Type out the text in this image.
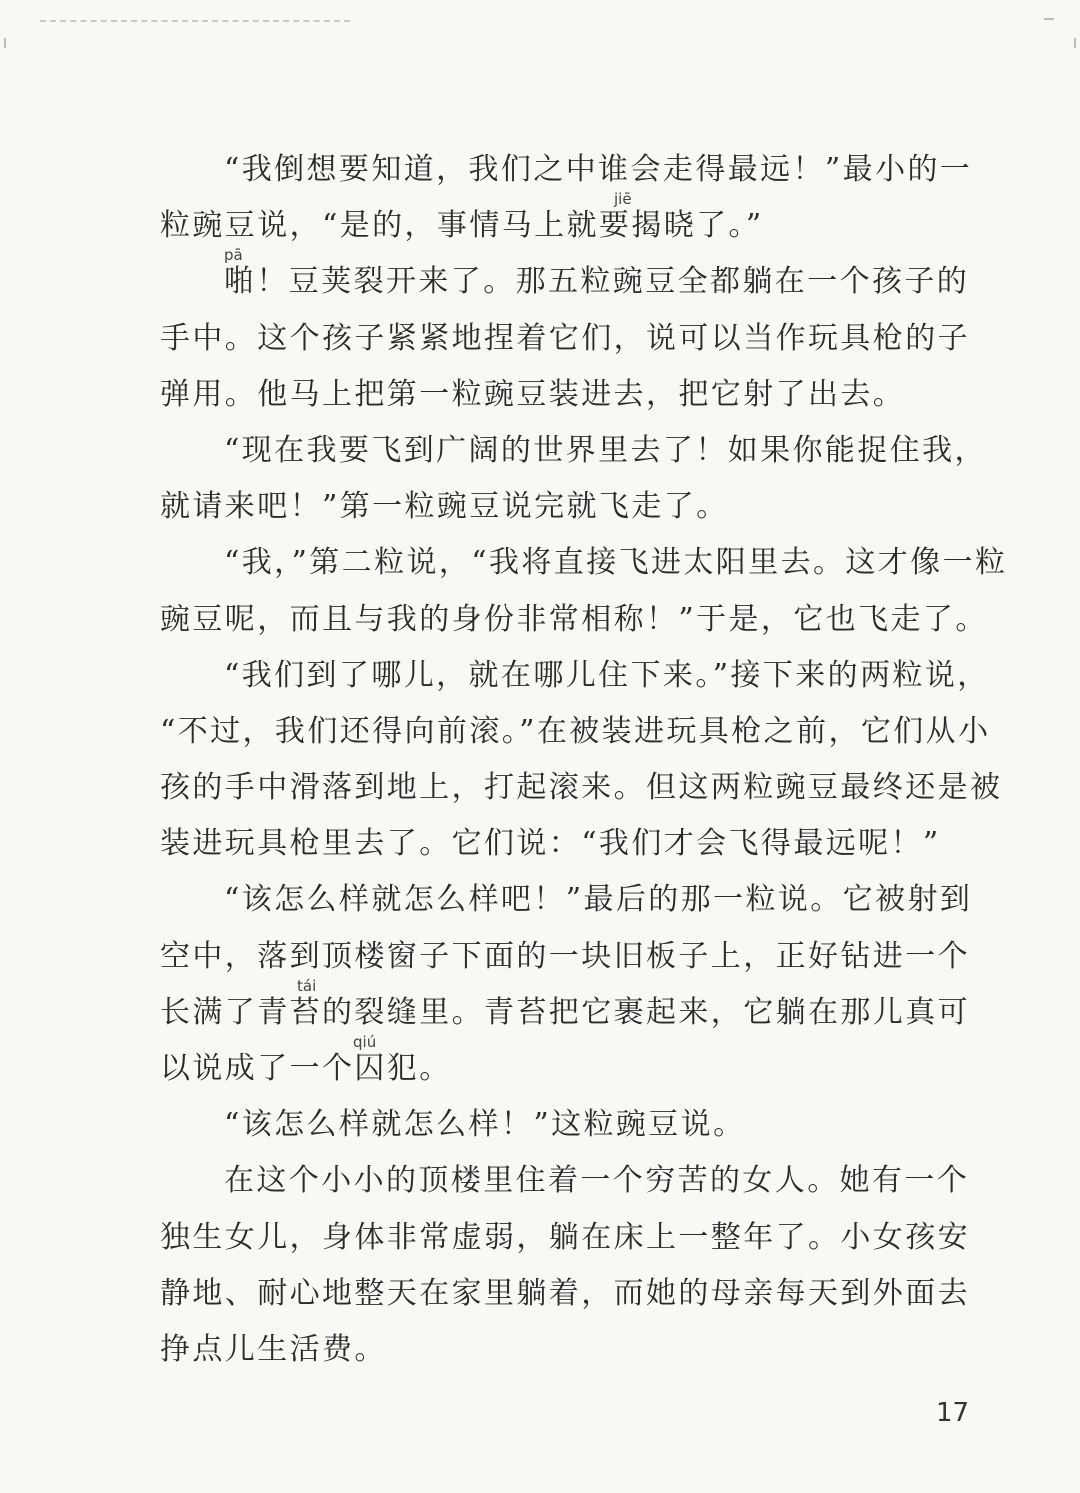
“我倒想要知道，我们之中谁会走得最远！”最小的一
粒豌豆说，“是的，事情马上就要揭晓了。”
jiē
啪！豆荚裂开来了。那五粒豌豆全都躺在一个孩子的
pā
手中。这个孩子紧紧地捏着它们，说可以当作玩具枪的子
弹用。他马上把第一粒豌豆装进去，把它射了出去。
“现在我要飞到广阔的世界里去了！如果你能捉住我，
就请来吧！”第一粒豌豆说完就飞走了。
“我，”第二粒说，“我将直接飞进太阳里去。这才像一粒
豌豆呢，而且与我的身份非常相称！”于是，它也飞走了。
“我们到了哪儿，就在哪儿住下来。”接下来的两粒说，
“不过，我们还得向前滚。”在被装进玩具枪之前，它们从小
孩的手中滑落到地上，打起滚来。但这两粒豌豆最终还是被
装进玩具枪里去了。它们说：“我们才会飞得最远呢！”
“该怎么样就怎么样吧！”最后的那一粒说。它被射到
空中，落到顶楼窗子下面的一块旧板子上，正好钻进一个
长满了青苔的裂缝里。青苔把它裹起来，它躺在那儿真可
tái
以说成了一个囚犯。
qiú
“该怎么样就怎么样！”这粒豌豆说。
在这个小小的顶楼里住着一个穷苦的女人。她有一个
独生女儿，身体非常虚弱，躺在床上一整年了。小女孩安
静地、耐心地整天在家里躺着，而她的母亲每天到外面去
挣点儿生活费。
17
